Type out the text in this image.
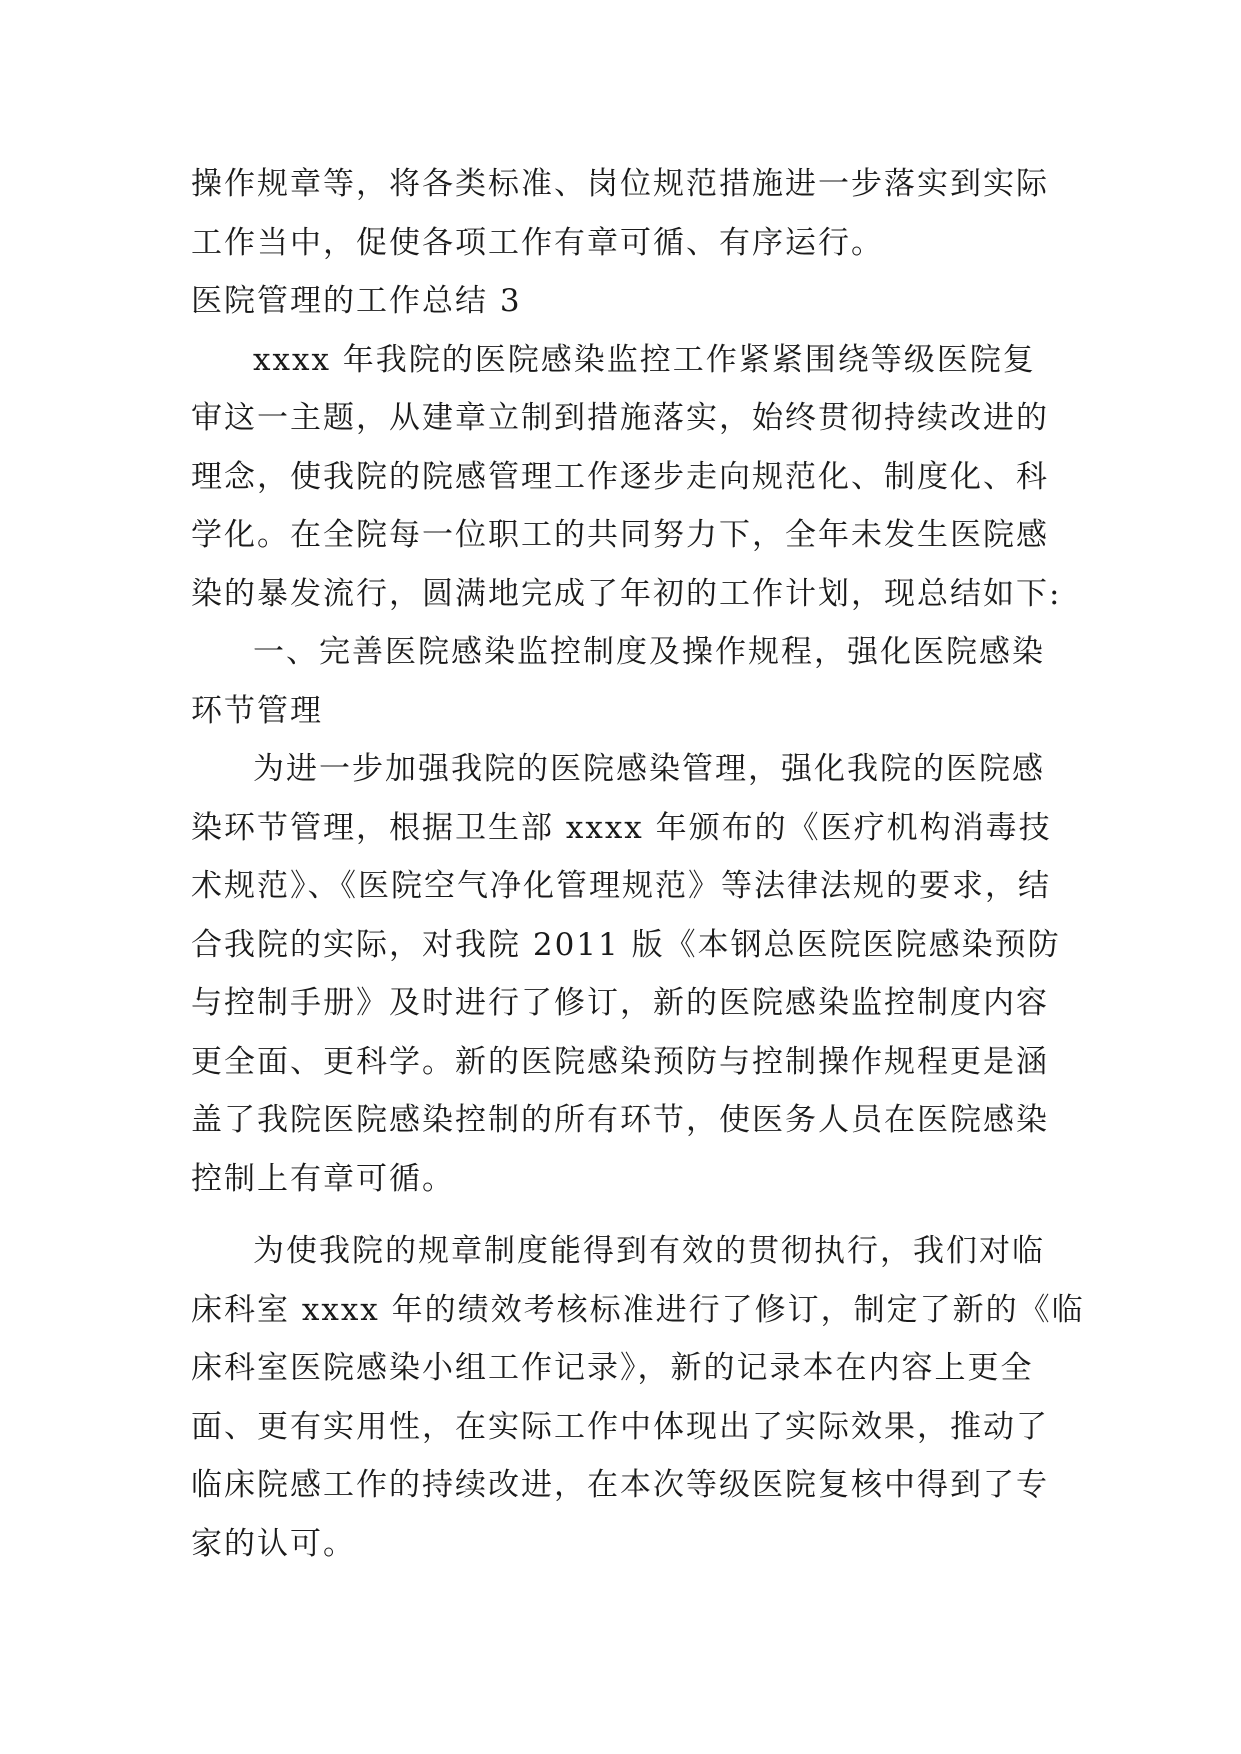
操作规章等，将各类标准、岗位规范措施进一步落实到实际
工作当中，促使各项工作有章可循、有序运行。
医院管理的工作总结 3
xxxx 年我院的医院感染监控工作紧紧围绕等级医院复
审这一主题，从建章立制到措施落实，始终贯彻持续改进的
理念，使我院的院感管理工作逐步走向规范化、制度化、科
学化。在全院每一位职工的共同努力下，全年未发生医院感
染的暴发流行，圆满地完成了年初的工作计划，现总结如下:
一、完善医院感染监控制度及操作规程，强化医院感染
环节管理
为进一步加强我院的医院感染管理，强化我院的医院感
染环节管理，根据卫生部 xxxx 年颁布的《医疗机构消毒技
术规范》、《医院空气净化管理规范》等法律法规的要求，结
合我院的实际，对我院 2011 版《本钢总医院医院感染预防
与控制手册》及时进行了修订，新的医院感染监控制度内容
更全面、更科学。新的医院感染预防与控制操作规程更是涵
盖了我院医院感染控制的所有环节，使医务人员在医院感染
控制上有章可循。
为使我院的规章制度能得到有效的贯彻执行，我们对临
床科室 xxxx 年的绩效考核标准进行了修订，制定了新的《临
床科室医院感染小组工作记录》，新的记录本在内容上更全
面、更有实用性，在实际工作中体现出了实际效果，推动了
临床院感工作的持续改进，在本次等级医院复核中得到了专
家的认可。
